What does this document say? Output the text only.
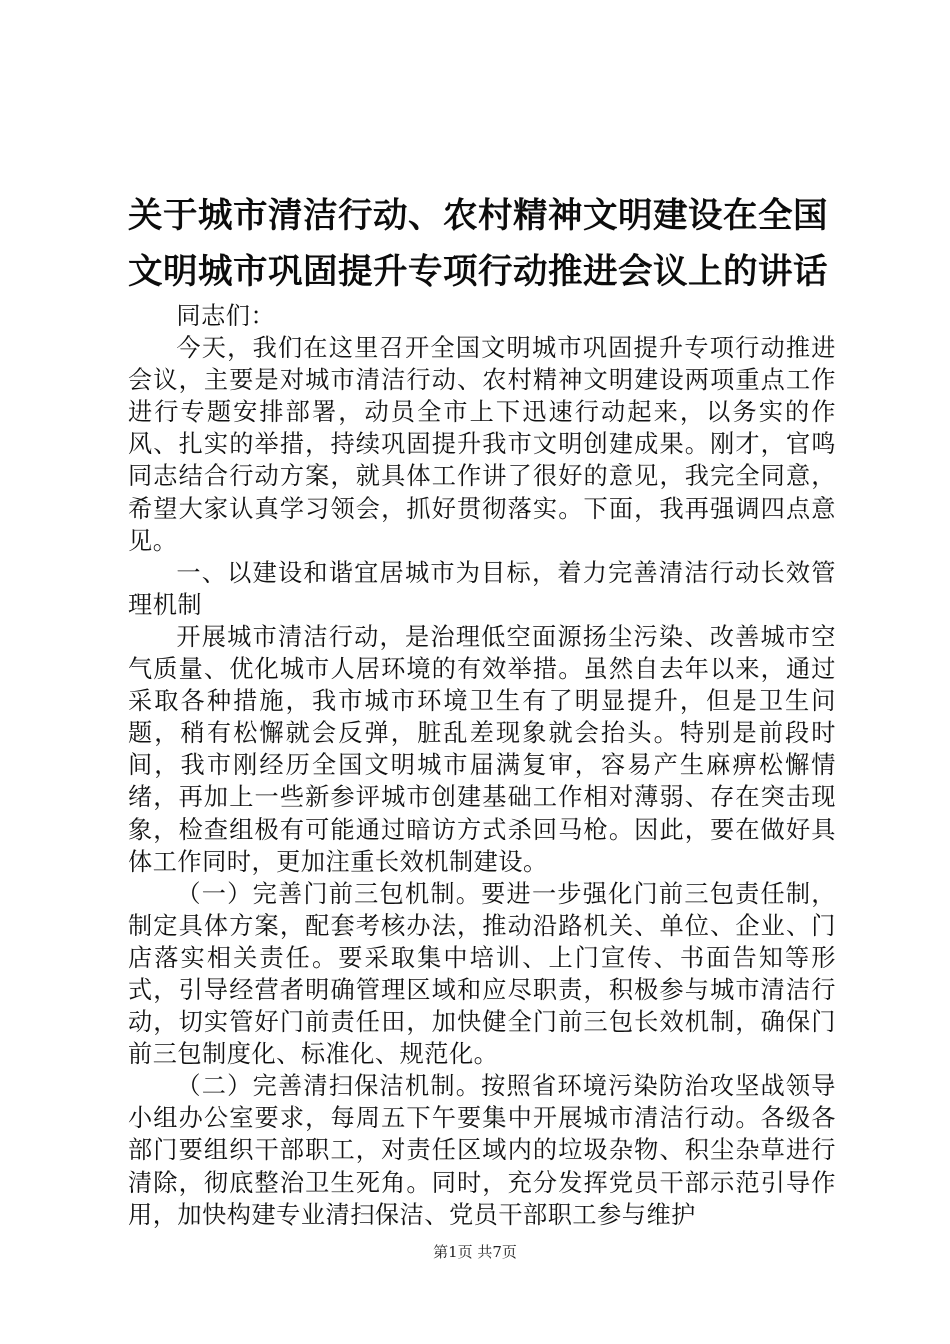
关于城市清洁行动、农村精神文明建设在全国
文明城市巩固提升专项行动推进会议上的讲话

同志们：

今天，我们在这里召开全国文明城市巩固提升专项行动推进会议，主要是对城市清洁行动、农村精神文明建设两项重点工作进行专题安排部署，动员全市上下迅速行动起来，以务实的作风、扎实的举措，持续巩固提升我市文明创建成果。刚才，官鸣同志结合行动方案，就具体工作讲了很好的意见，我完全同意，希望大家认真学习领会，抓好贯彻落实。下面，我再强调四点意见。

一、以建设和谐宜居城市为目标，着力完善清洁行动长效管理机制

开展城市清洁行动，是治理低空面源扬尘污染、改善城市空气质量、优化城市人居环境的有效举措。虽然自去年以来，通过采取各种措施，我市城市环境卫生有了明显提升，但是卫生问题，稍有松懈就会反弹，脏乱差现象就会抬头。特别是前段时间，我市刚经历全国文明城市届满复审，容易产生麻痹松懈情绪，再加上一些新参评城市创建基础工作相对薄弱、存在突击现象，检查组极有可能通过暗访方式杀回马枪。因此，要在做好具体工作同时，更加注重长效机制建设。

（一）完善门前三包机制。要进一步强化门前三包责任制，制定具体方案，配套考核办法，推动沿路机关、单位、企业、门店落实相关责任。要采取集中培训、上门宣传、书面告知等形式，引导经营者明确管理区域和应尽职责，积极参与城市清洁行动，切实管好门前责任田，加快健全门前三包长效机制，确保门前三包制度化、标准化、规范化。

（二）完善清扫保洁机制。按照省环境污染防治攻坚战领导小组办公室要求，每周五下午要集中开展城市清洁行动。各级各部门要组织干部职工，对责任区域内的垃圾杂物、积尘杂草进行清除，彻底整治卫生死角。同时，充分发挥党员干部示范引导作用，加快构建专业清扫保洁、党员干部职工参与维护

第1页 共7页
